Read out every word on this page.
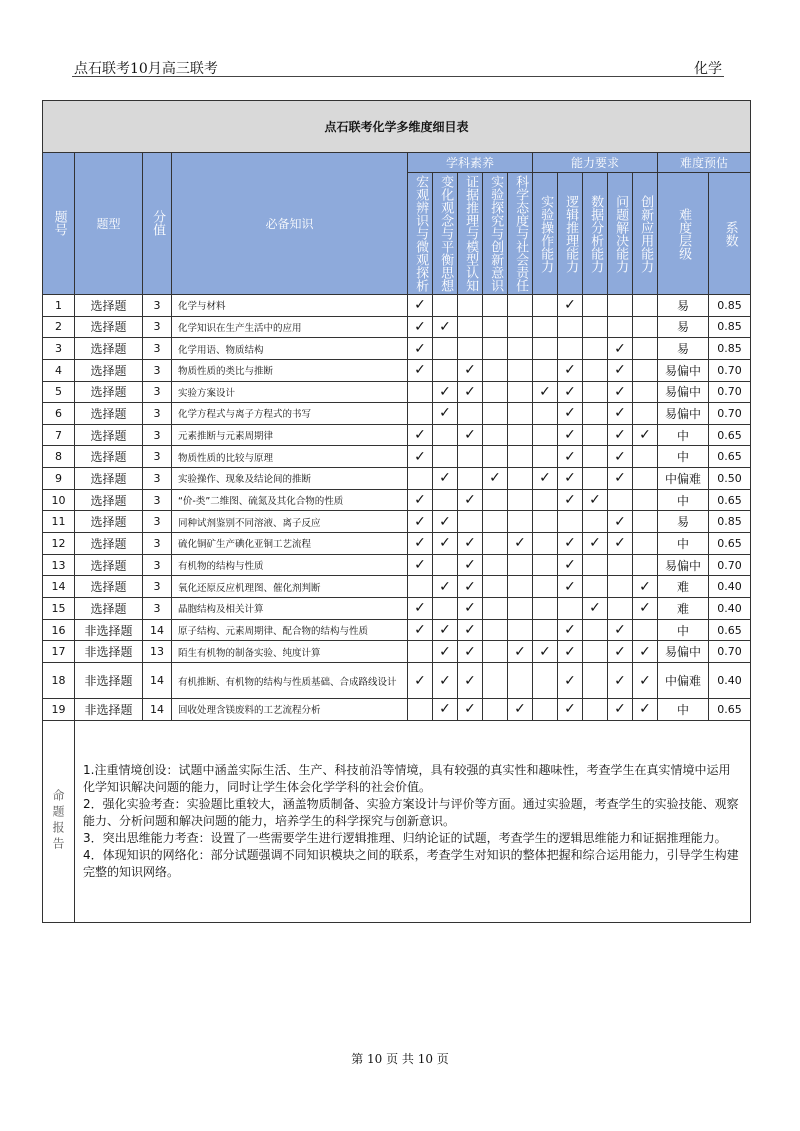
点石联考10月高三联考	化学
点石联考化学多维度细目表															

题号	题型	分值	必备知识	学科素养					能力要求					难度预估	

				宏观辨识与微观探析	变化观念与平衡思想	证据推理与模型认知	实验探究与创新意识	科学态度与社会责任	实验操作能力	逻辑推理能力	数据分析能力	问题解决能力	创新应用能力	难度层级	系数

1	选择题	3	化学与材料	✓						✓				易	0.85
2	选择题	3	化学知识在生产生活中的应用	✓	✓									易	0.85
3	选择题	3	化学用语、物质结构	✓								✓		易	0.85
4	选择题	3	物质性质的类比与推断	✓		✓				✓		✓		易偏中	0.70
5	选择题	3	实验方案设计		✓	✓			✓	✓		✓		易偏中	0.70
6	选择题	3	化学方程式与离子方程式的书写		✓					✓		✓		易偏中	0.70
7	选择题	3	元素推断与元素周期律	✓		✓				✓		✓	✓	中	0.65
8	选择题	3	物质性质的比较与原理	✓						✓		✓		中	0.65
9	选择题	3	实验操作、现象及结论间的推断		✓		✓		✓	✓		✓		中偏难	0.50
10	选择题	3	“价-类”二维图、硫氮及其化合物的性质	✓		✓				✓	✓			中	0.65
11	选择题	3	同种试剂鉴别不同溶液、离子反应	✓	✓							✓		易	0.85
12	选择题	3	硫化铜矿生产碘化亚铜工艺流程	✓	✓	✓		✓		✓	✓	✓		中	0.65
13	选择题	3	有机物的结构与性质	✓		✓				✓				易偏中	0.70
14	选择题	3	氧化还原反应机理图、催化剂判断		✓	✓				✓			✓	难	0.40
15	选择题	3	晶胞结构及相关计算	✓		✓					✓		✓	难	0.40
16	非选择题	14	原子结构、元素周期律、配合物的结构与性质	✓	✓	✓				✓		✓		中	0.65
17	非选择题	13	陌生有机物的制备实验、纯度计算		✓	✓		✓	✓	✓		✓	✓	易偏中	0.70
18	非选择题	14	有机推断、有机物的结构与性质基础、合成路线设计	✓	✓	✓				✓		✓	✓	中偏难	0.40
19	非选择题	14	回收处理含镁废料的工艺流程分析		✓	✓		✓		✓		✓	✓	中	0.65

命题报告	1.注重情境创设：试题中涵盖实际生活、生产、科技前沿等情境，具有较强的真实性和趣味性，考查学生在真实情境中运用化学知识解决问题的能力，同时让学生体会化学学科的社会价值。

2．强化实验考查：实验题比重较大，涵盖物质制备、实验方案设计与评价等方面。通过实验题，考查学生的实验技能、观察能力、分析问题和解决问题的能力，培养学生的科学探究与创新意识。

3．突出思维能力考查：设置了一些需要学生进行逻辑推理、归纳论证的试题，考查学生的逻辑思维能力和证据推理能力。

4．体现知识的网络化：部分试题强调不同知识模块之间的联系，考查学生对知识的整体把握和综合运用能力，引导学生构建完整的知识网络。														

第 10 页 共 10 页
